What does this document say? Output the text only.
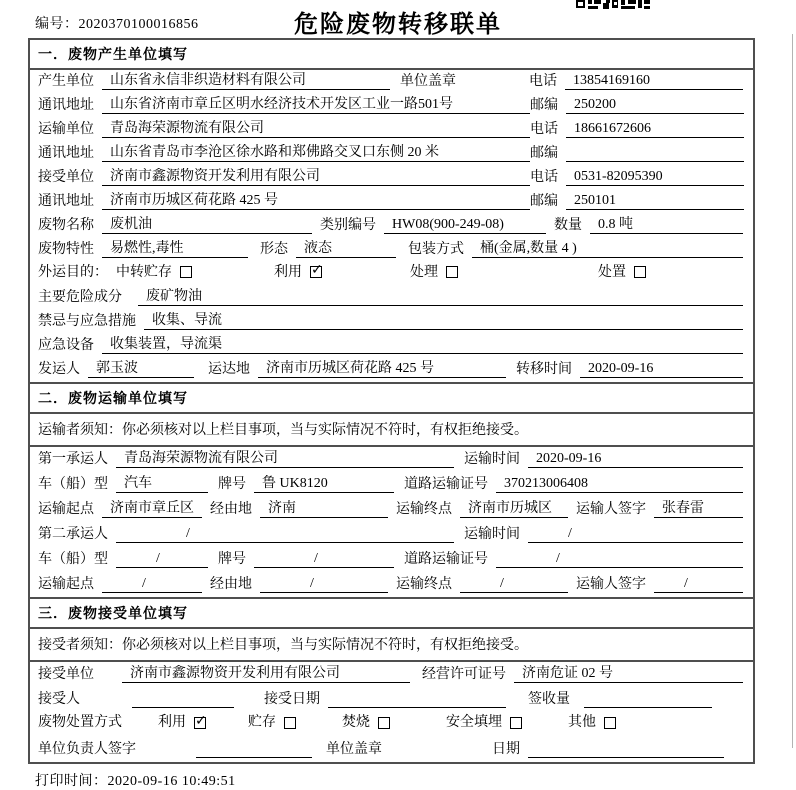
编号：2020370100016856	危险废物转移联单
一．废物产生单位填写
产生单位	山东省永信非织造材料有限公司	单位盖章	电话	13854169160
通讯地址	山东省济南市章丘区明水经济技术开发区工业一路501号	邮编	250200
运输单位	青岛海荣源物流有限公司	电话	18661672606
通讯地址	山东省青岛市李沧区徐水路和郑佛路交叉口东侧 20 米	邮编
接受单位	济南市鑫源物资开发利用有限公司	电话	0531-82095390
通讯地址	济南市历城区荷花路 425 号	邮编	250101
废物名称	废机油	类别编号	HW08(900-249-08)	数量	0.8 吨
废物特性	易燃性,毒性	形态	液态	包装方式	桶(金属,数量 4 )
外运目的： 中转贮存	利用 ✓	处理	处置
主要危险成分	废矿物油
禁忌与应急措施	收集、导流
应急设备	收集装置，导流渠
发运人	郭玉波	运达地	济南市历城区荷花路 425 号	转移时间	2020-09-16
二．废物运输单位填写
运输者须知：你必须核对以上栏目事项，当与实际情况不符时，有权拒绝接受。
第一承运人	青岛海荣源物流有限公司	运输时间	2020-09-16
车（船）型	汽车	牌号	鲁 UK8120	道路运输证号	370213006408
运输起点	济南市章丘区	经由地	济南	运输终点	济南市历城区	运输人签字	张春雷
第二承运人	/	运输时间	/
车（船）型	/	牌号	/	道路运输证号	/
运输起点	/	经由地	/	运输终点	/	运输人签字	/
三．废物接受单位填写
接受者须知：你必须核对以上栏目事项，当与实际情况不符时，有权拒绝接受。
接受单位	济南市鑫源物资开发利用有限公司	经营许可证号	济南危证 02 号
接受人	接受日期	签收量
废物处置方式	利用 ✓	贮存	焚烧	安全填埋	其他
单位负责人签字	单位盖章	日期
打印时间：2020-09-16 10:49:51
